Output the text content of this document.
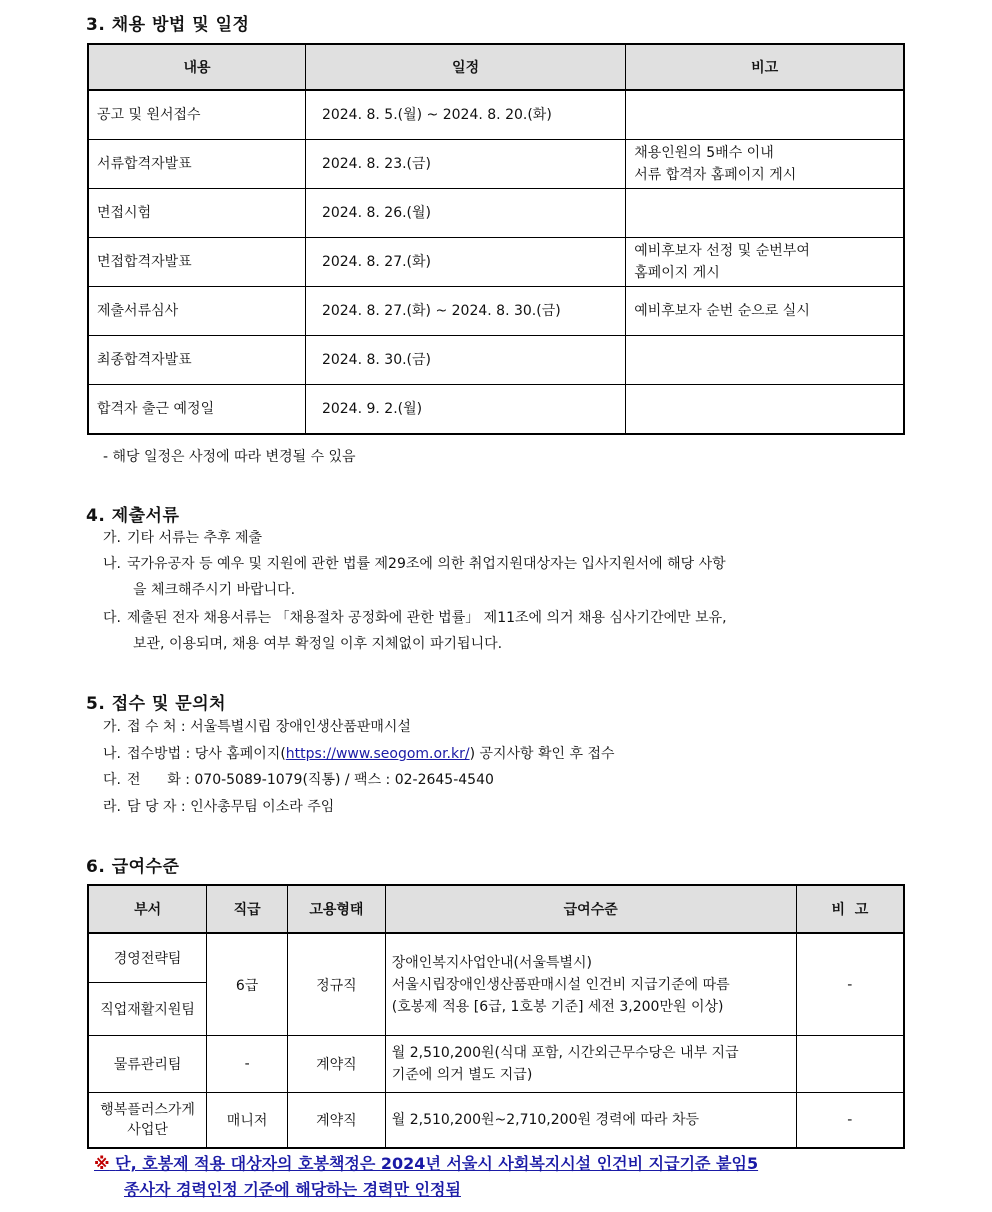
3. 채용 방법 및 일정
내용	일정	비고
공고 및 원서접수	2024. 8. 5.(월) ~ 2024. 8. 20.(화)	

서류합격자발표	2024. 8. 23.(금)	채용인원의 5배수 이내
서류 합격자 홈페이지 게시

면접시험	2024. 8. 26.(월)	

면접합격자발표	2024. 8. 27.(화)	예비후보자 선정 및 순번부여
홈페이지 게시

제출서류심사	2024. 8. 27.(화) ~ 2024. 8. 30.(금)	예비후보자 순번 순으로 실시

최종합격자발표	2024. 8. 30.(금)	

합격자 출근 예정일	2024. 9. 2.(월)	
- 해당 일정은 사정에 따라 변경될 수 있음
4. 제출서류
가. 기타 서류는 추후 제출
나. 국가유공자 등 예우 및 지원에 관한 법률 제29조에 의한 취업지원대상자는 입사지원서에 해당 사항
을 체크해주시기 바랍니다.
다. 제출된 전자 채용서류는 「채용절차 공정화에 관한 법률」 제11조에 의거 채용 심사기간에만 보유,
보관, 이용되며, 채용 여부 확정일 이후 지체없이 파기됩니다.
5. 접수 및 문의처
가. 접 수 처 : 서울특별시립 장애인생산품판매시설
나. 접수방법 : 당사 홈페이지(https://www.seogom.or.kr/) 공지사항 확인 후 접수
다. 전      화 : 070-5089-1079(직통) / 팩스 : 02-2645-4540
라. 담 당 자 : 인사총무팀 이소라 주임
6. 급여수준
부서	직급	고용형태	급여수준	비  고
경영전략팀	6급	정규직	장애인복지사업안내(서울특별시)
서울시립장애인생산품판매시설 인건비 지급기준에 따름
(호봉제 적용 [6급, 1호봉 기준] 세전 3,200만원 이상)	-
직업재활지원팀				
물류관리팀	-	계약직	월 2,510,200원(식대 포함, 시간외근무수당은 내부 지급
기준에 의거 별도 지급)	

행복플러스가게
사업단	매니저	계약직	월 2,510,200원~2,710,200원 경력에 따라 차등	-
※ 단, 호봉제 적용 대상자의 호봉책정은 2024년 서울시 사회복지시설 인건비 지급기준 붙임5
종사자 경력인정 기준에 해당하는 경력만 인정됨
